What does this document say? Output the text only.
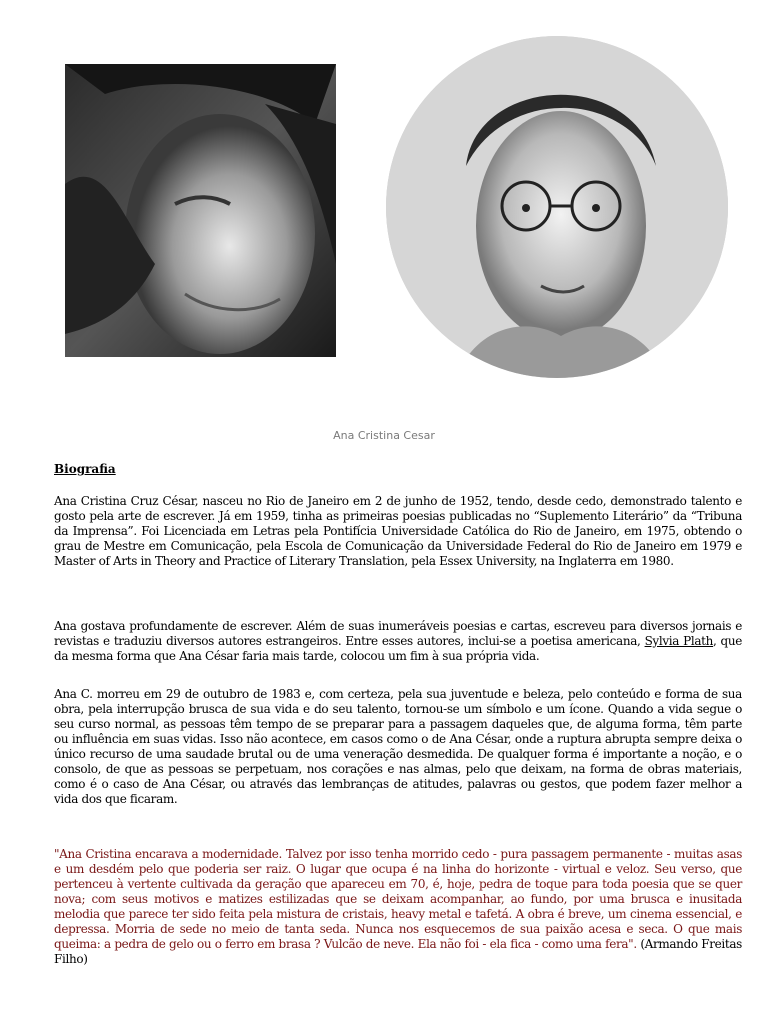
Ana Cristina Cesar
Biografia

Ana Cristina Cruz César, nasceu no Rio de Janeiro em 2 de junho de 1952, tendo, desde cedo, demonstrado talento e gosto pela arte de escrever. Já em 1959, tinha as primeiras poesias publicadas no “Suplemento Literário” da “Tribuna da Imprensa”. Foi Licenciada em Letras pela Pontifícia Universidade Católica do Rio de Janeiro, em 1975, obtendo o grau de Mestre em Comunicação, pela Escola de Comunicação da Universidade Federal do Rio de Janeiro em 1979 e Master of Arts in Theory and Practice of Literary Translation, pela Essex University, na Inglaterra em 1980.

Ana gostava profundamente de escrever. Além de suas inumeráveis poesias e cartas, escreveu para diversos jornais e revistas e traduziu diversos autores estrangeiros. Entre esses autores, inclui-se a poetisa americana, Sylvia Plath, que da mesma forma que Ana César faria mais tarde, colocou um fim à sua própria vida.

Ana C. morreu em 29 de outubro de 1983 e, com certeza, pela sua juventude e beleza, pelo conteúdo e forma de sua obra, pela interrupção brusca de sua vida e do seu talento, tornou-se um símbolo e um ícone. Quando a vida segue o seu curso normal, as pessoas têm tempo de se preparar para a passagem daqueles que, de alguma forma, têm parte ou influência em suas vidas. Isso não acontece, em casos como o de Ana César, onde a ruptura abrupta sempre deixa o único recurso de uma saudade brutal ou de uma veneração desmedida. De qualquer forma é importante a noção, e o consolo, de que as pessoas se perpetuam, nos corações e nas almas, pelo que deixam, na forma de obras materiais, como é o caso de Ana César, ou através das lembranças de atitudes, palavras ou gestos, que podem fazer melhor a vida dos que ficaram.

"Ana Cristina encarava a modernidade. Talvez por isso tenha morrido cedo - pura passagem permanente - muitas asas e um desdém pelo que poderia ser raiz. O lugar que ocupa é na linha do horizonte - virtual e veloz. Seu verso, que pertenceu à vertente cultivada da geração que apareceu em 70, é, hoje, pedra de toque para toda poesia que se quer nova; com seus motivos e matizes estilizadas que se deixam acompanhar, ao fundo, por uma brusca e inusitada melodia que parece ter sido feita pela mistura de cristais, heavy metal e tafetá. A obra é breve, um cinema essencial, e depressa. Morria de sede no meio de tanta seda. Nunca nos esquecemos de sua paixão acesa e seca. O que mais queima: a pedra de gelo ou o ferro em brasa ? Vulcão de neve. Ela não foi - ela fica - como uma fera". (Armando Freitas Filho)
